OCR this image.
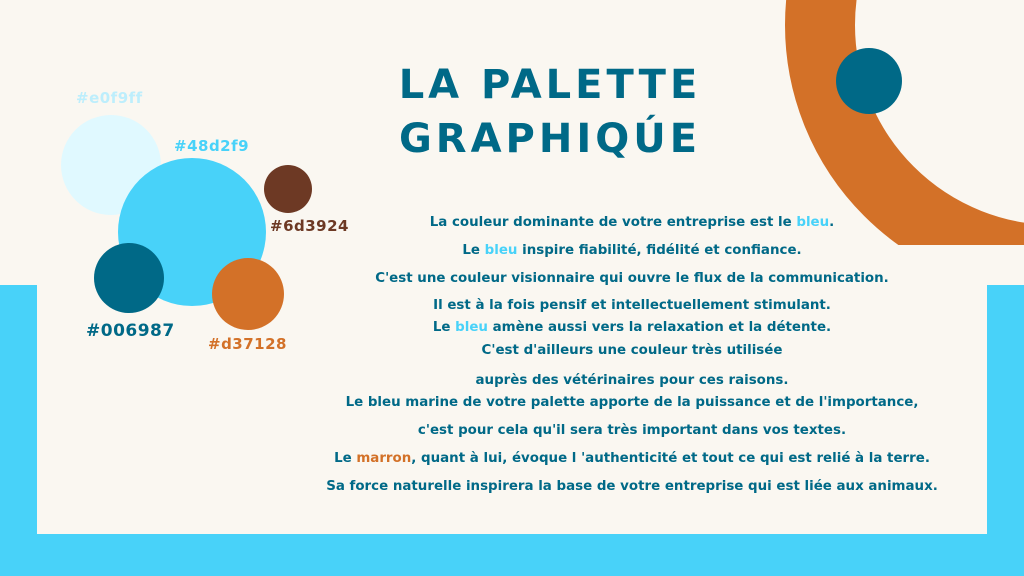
#e0f9ff
#48d2f9
#6d3924
#006987
#d37128
LA PALETTE
GRAPHIQÚE
La couleur dominante de votre entreprise est le bleu.
Le bleu inspire fiabilité, fidélité et confiance.
C'est une couleur visionnaire qui ouvre le flux de la communication.
Il est à la fois pensif et intellectuellement stimulant.
Le bleu amène aussi vers la relaxation et la détente.
C'est d'ailleurs une couleur très utilisée
auprès des vétérinaires pour ces raisons.
Le bleu marine de votre palette apporte de la puissance et de l'importance,
c'est pour cela qu'il sera très important dans vos textes.
Le marron, quant à lui, évoque l 'authenticité et tout ce qui est relié à la terre.
Sa force naturelle inspirera la base de votre entreprise qui est liée aux animaux.
